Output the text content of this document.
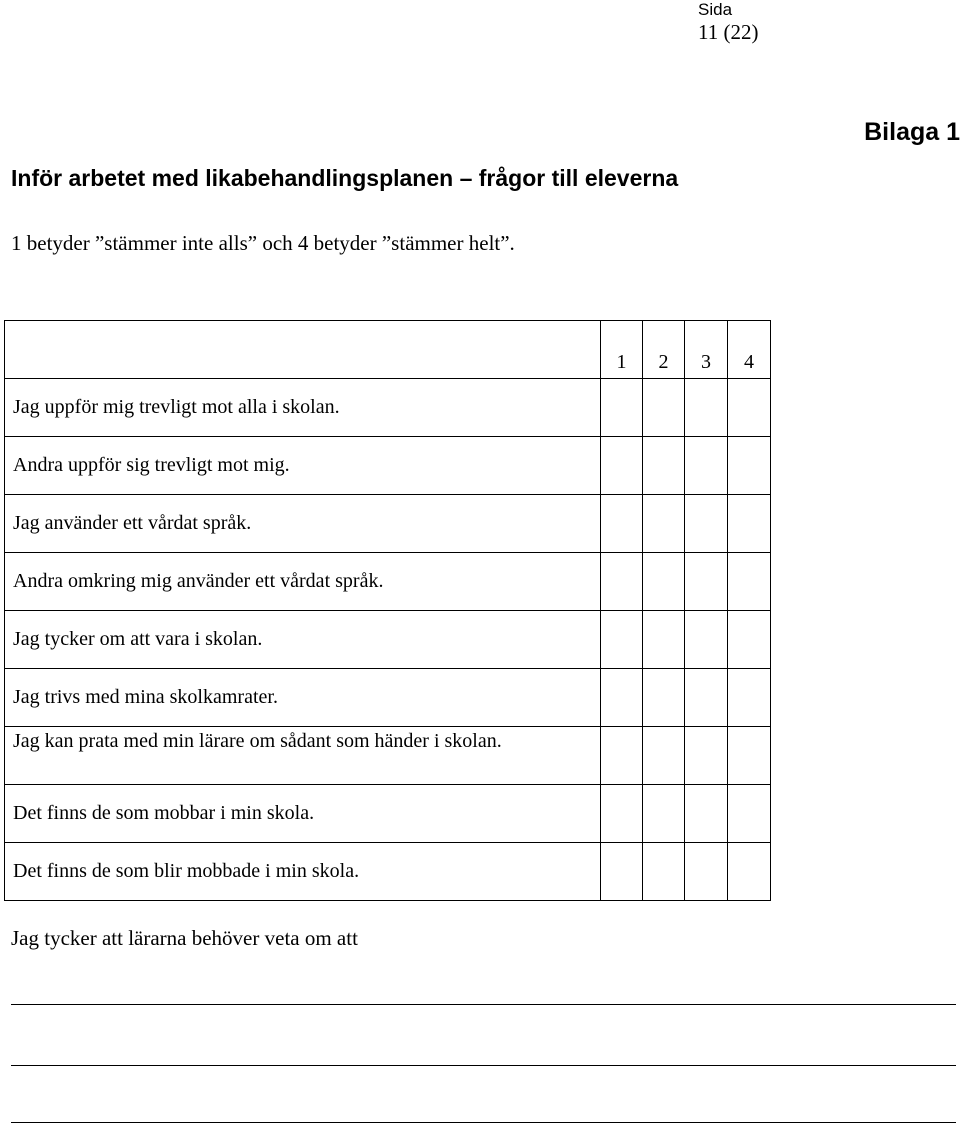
Sida
11 (22)
Bilaga 1
Inför arbetet med likabehandlingsplanen – frågor till eleverna
1 betyder ”stämmer inte alls” och 4 betyder ”stämmer helt”.
	1	2	3	4
Jag uppför mig trevligt mot alla i skolan.				
Andra uppför sig trevligt mot mig.				
Jag använder ett vårdat språk.				
Andra omkring mig använder ett vårdat språk.				
Jag tycker om att vara i skolan.				
Jag trivs med mina skolkamrater.				
Jag kan prata med min lärare om sådant som händer i skolan.				
Det finns de som mobbar i min skola.				
Det finns de som blir mobbade i min skola.				
Jag tycker att lärarna behöver veta om att
